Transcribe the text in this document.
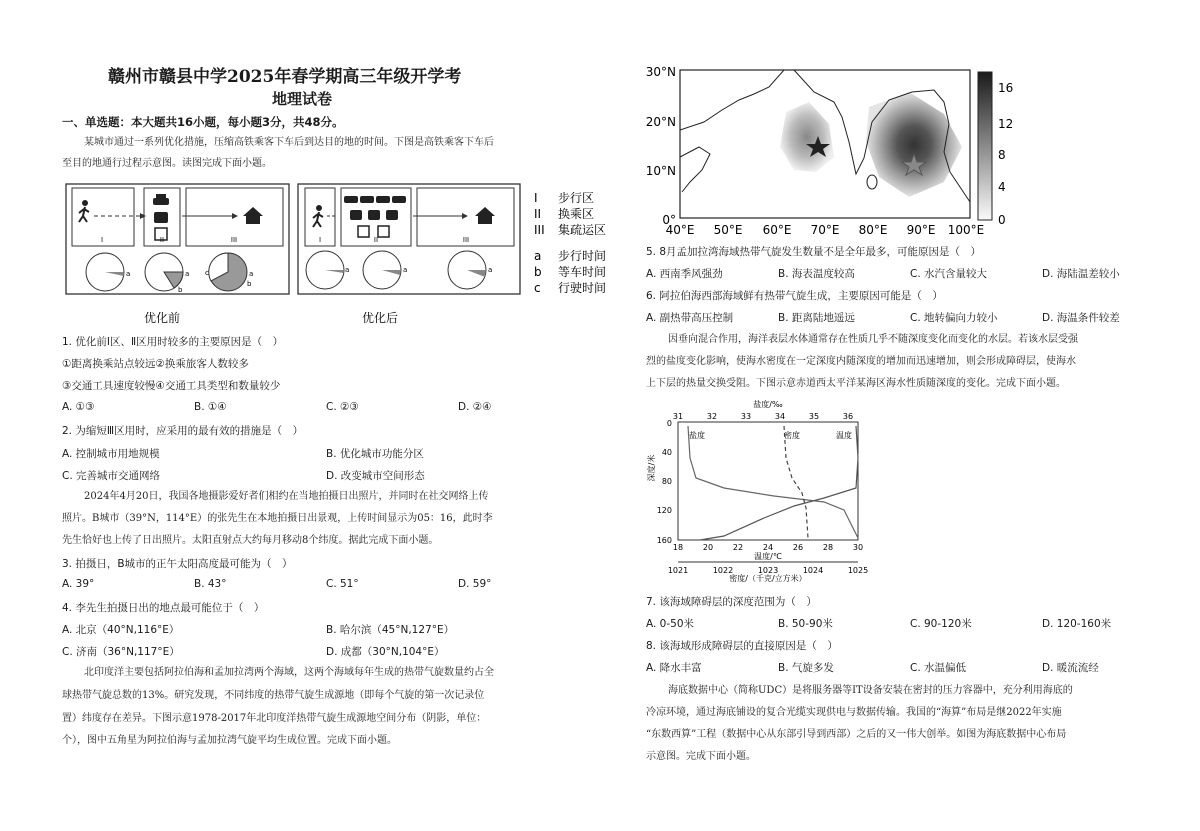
赣州市赣县中学2025年春学期高三年级开学考
地理试卷
一、单选题：本大题共16小题，每小题3分，共48分。
某城市通过一系列优化措施，压缩高铁乘客下车后到达目的地的时间。下图是高铁乘客下车后
至目的地通行过程示意图。读图完成下面小题。
I	II	III
a	a
b
c	a
b
I	II	III
a	a	a
I 步行区
II 换乘区
III 集疏运区
a 步行时间
b 等车时间
c 行驶时间
优化前	优化后
1. 优化前Ⅰ区、Ⅱ区用时较多的主要原因是（　）
①距离换乘站点较远②换乘旅客人数较多
③交通工具速度较慢④交通工具类型和数量较少
A. ①③	B. ①④	C. ②③	D. ②④
2. 为缩短Ⅲ区用时，应采用的最有效的措施是（　）
A. 控制城市用地规模	B. 优化城市功能分区
C. 完善城市交通网络	D. 改变城市空间形态
2024年4月20日，我国各地摄影爱好者们相约在当地拍摄日出照片，并同时在社交网络上传
照片。B城市（39°N，114°E）的张先生在本地拍摄日出景观，上传时间显示为05：16，此时李
先生恰好也上传了日出照片。太阳直射点大约每月移动8个纬度。据此完成下面小题。
3. 拍摄日，B城市的正午太阳高度最可能为（　）
A. 39°	B. 43°	C. 51°	D. 59°
4. 李先生拍摄日出的地点最可能位于（　）
A. 北京（40°N,116°E）	B. 哈尔滨（45°N,127°E）
C. 济南（36°N,117°E）	D. 成都（30°N,104°E）
北印度洋主要包括阿拉伯海和孟加拉湾两个海域，这两个海域每年生成的热带气旋数量约占全
球热带气旋总数的13%。研究发现，不同纬度的热带气旋生成源地（即每个气旋的第一次记录位
置）纬度存在差异。下图示意1978-2017年北印度洋热带气旋生成源地空间分布（阴影，单位：
个），图中五角星为阿拉伯海与孟加拉湾气旋平均生成位置。完成下面小题。
30°N
20°N
10°N
0°
40°E 50°E 60°E 70°E 80°E 90°E 100°E
16
12
8
4
0
5. 8月孟加拉湾海域热带气旋发生数量不是全年最多，可能原因是（　）
A. 西南季风强劲	B. 海表温度较高	C. 水汽含量较大	D. 海陆温差较小
6. 阿拉伯海西部海域鲜有热带气旋生成，主要原因可能是（　）
A. 副热带高压控制	B. 距离陆地遥远	C. 地转偏向力较小	D. 海温条件较差
因垂向混合作用，海洋表层水体通常存在性质几乎不随深度变化而变化的水层。若该水层受强
烈的盐度变化影响，使海水密度在一定深度内随深度的增加而迅速增加，则会形成障碍层，使海水
上下层的热量交换受阻。下图示意赤道西太平洋某海区海水性质随深度的变化。完成下面小题。
盐度/‰
31	32	33	34	35	36
0
40
80
120
160
深度/米
盐度	密度	温度
18 20 22 24 26 28 30
温度/℃
1021	1022	1023	1024	1025
密度/（千克/立方米）
7. 该海域障碍层的深度范围为（　）
A. 0-50米	B. 50-90米	C. 90-120米	D. 120-160米
8. 该海域形成障碍层的直接原因是（　）
A. 降水丰富	B. 气旋多发	C. 水温偏低	D. 暖流流经
海底数据中心（简称UDC）是将服务器等IT设备安装在密封的压力容器中，充分利用海底的
冷凉环境，通过海底铺设的复合光缆实现供电与数据传输。我国的“海算”布局是继2022年实施
“东数西算”工程（数据中心从东部引导到西部）之后的又一伟大创举。如图为海底数据中心布局
示意图。完成下面小题。
